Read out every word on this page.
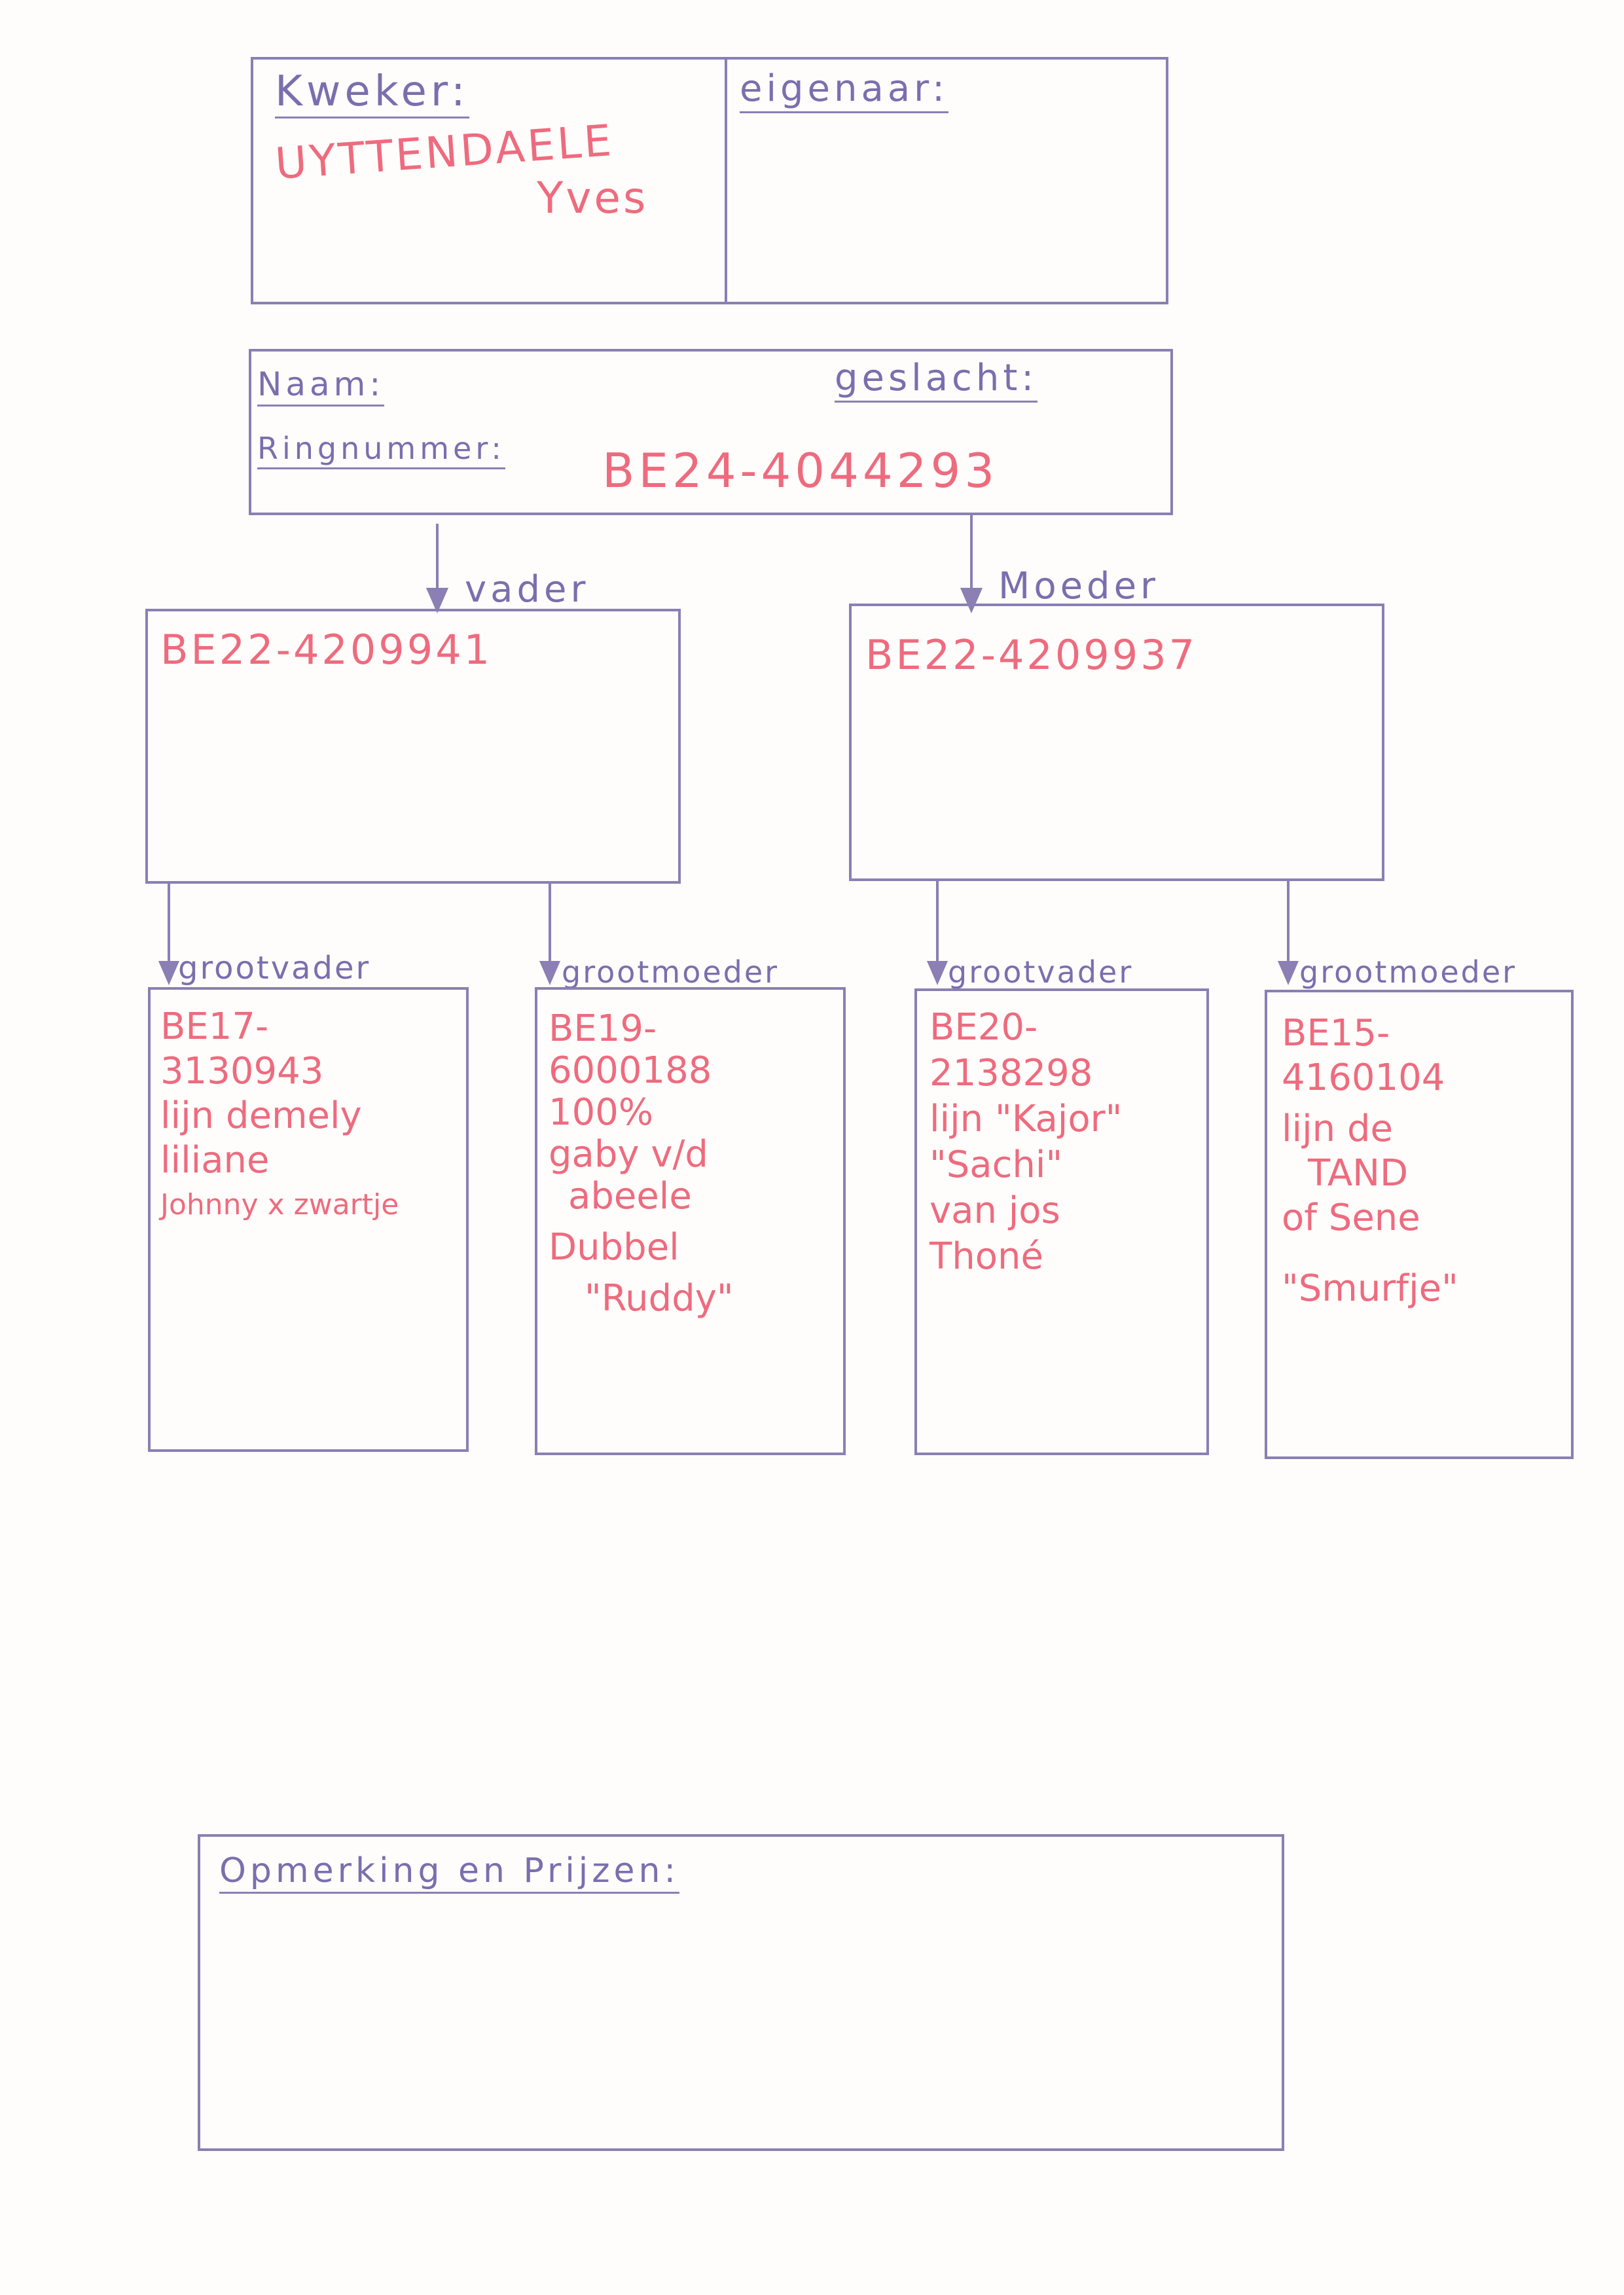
Kweker:
UYTTENDAELE
Yves
eigenaar:
Naam:	geslacht:
Ringnummer: BE24-4044293
vader
BE22-4209941
Moeder
BE22-4209937
grootvader	grootmoeder	grootvader	grootmoeder
BE17-
3130943
lijn demely
liliane
Johnny x zwartje
BE19-
6000188
100%
gaby v/d
abeele
Dubbel
"Ruddy"
BE20-
2138298
lijn "Kajor"
"Sachi"
van jos
Thoné
BE15-
4160104
lijn de
TAND
of Sene
"Smurfje"
Opmerking en Prijzen:
